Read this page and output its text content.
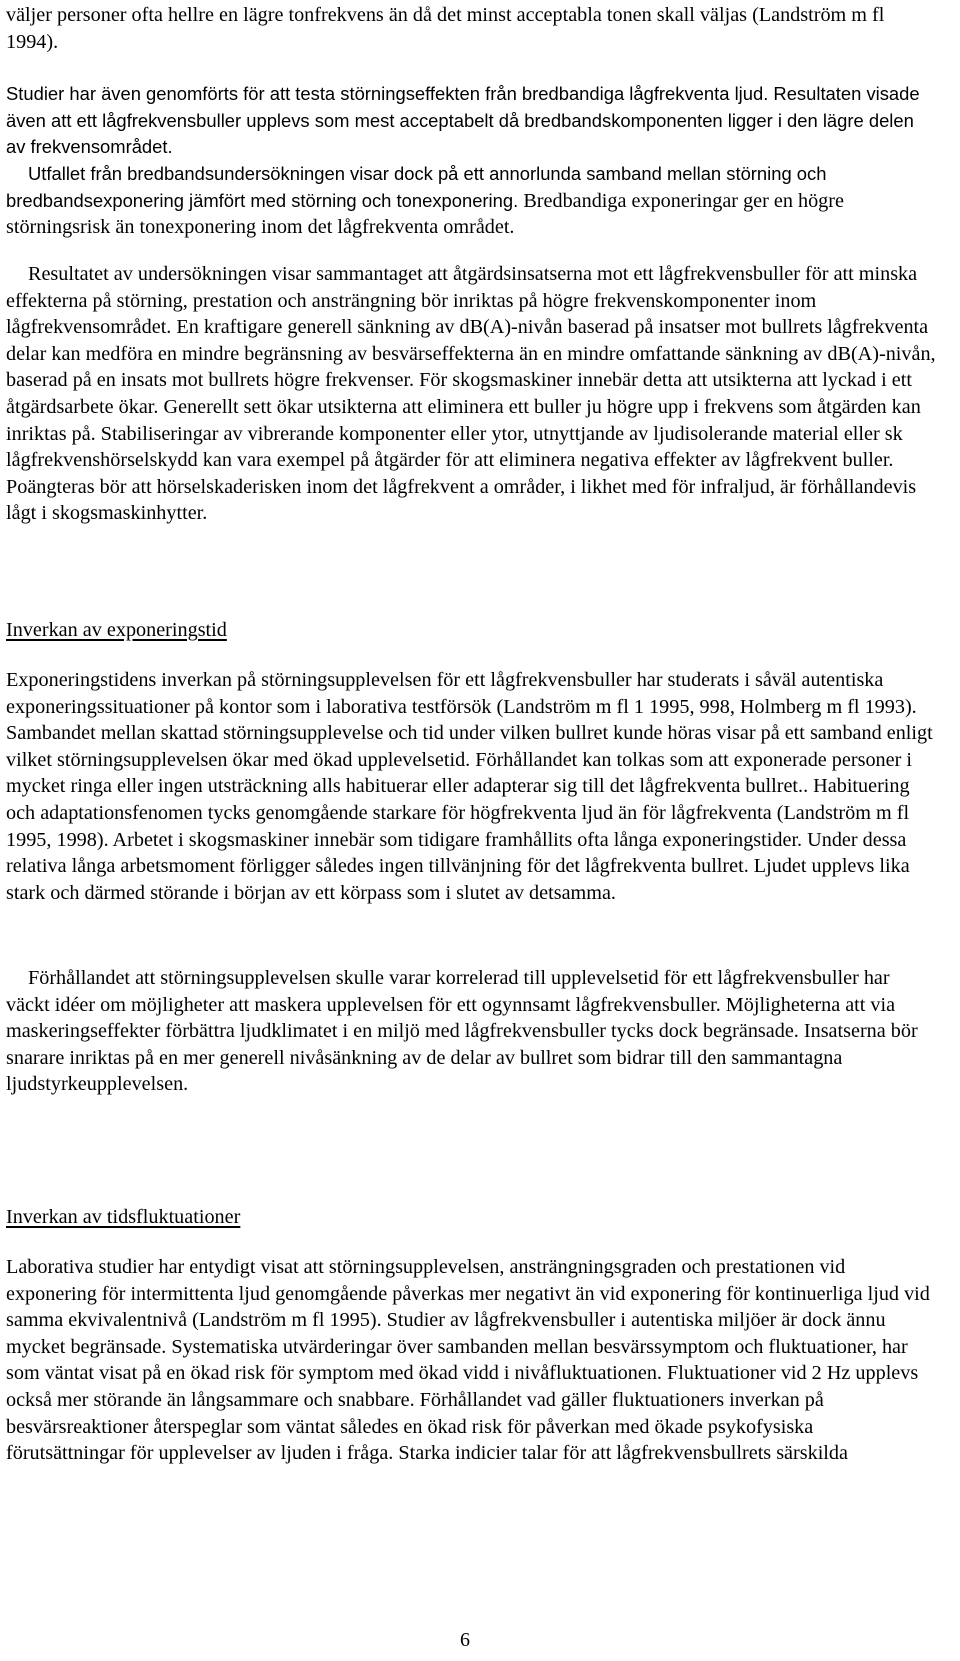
väljer personer ofta hellre en lägre tonfrekvens än då det minst acceptabla tonen skall väljas (Landström m fl 1994).

Studier har även genomförts för att testa störningseffekten från bredbandiga lågfrekventa ljud. Resultaten visade även att ett lågfrekvensbuller upplevs som mest acceptabelt då bredbandskomponenten ligger i den lägre delen av frekvensområdet.

Utfallet från bredbandsundersökningen visar dock på ett annorlunda samband mellan störning och bredbandsexponering jämfört med störning och tonexponering. Bredbandiga exponeringar ger en högre störningsrisk än tonexponering inom det lågfrekventa området.

Resultatet av undersökningen visar sammantaget att åtgärdsinsatserna mot ett lågfrekvensbuller för att minska effekterna på störning, prestation och ansträngning bör inriktas på högre frekvenskomponenter inom lågfrekvensområdet. En kraftigare generell sänkning av dB(A)-nivån baserad på insatser mot bullrets lågfrekventa delar kan medföra en mindre begränsning av besvärseffekterna än en mindre omfattande sänkning av dB(A)-nivån, baserad på en insats mot bullrets högre frekvenser. För skogsmaskiner innebär detta att utsikterna att lyckad i ett åtgärdsarbete ökar. Generellt sett ökar utsikterna att eliminera ett buller ju högre upp i frekvens som åtgärden kan inriktas på. Stabiliseringar av vibrerande komponenter eller ytor, utnyttjande av ljudisolerande material eller sk lågfrekvenshörselskydd kan vara exempel på åtgärder för att eliminera negativa effekter av lågfrekvent buller. Poängteras bör att hörselskaderisken inom det lågfrekvent a områder, i likhet med för infraljud, är förhållandevis lågt i skogsmaskinhytter.

Inverkan av exponeringstid

Exponeringstidens inverkan på störningsupplevelsen för ett lågfrekvensbuller har studerats i såväl autentiska exponeringssituationer på kontor som i laborativa testförsök (Landström m fl 1 1995, 998, Holmberg m fl 1993). Sambandet mellan skattad störningsupplevelse och tid under vilken bullret kunde höras visar på ett samband enligt vilket störningsupplevelsen ökar med ökad upplevelsetid. Förhållandet kan tolkas som att exponerade personer i mycket ringa eller ingen utsträckning alls habituerar eller adapterar sig till det lågfrekventa bullret.. Habituering och adaptationsfenomen tycks genomgående starkare för högfrekventa ljud än för lågfrekventa (Landström m fl 1995, 1998). Arbetet i skogsmaskiner innebär som tidigare framhållits ofta långa exponeringstider. Under dessa relativa långa arbetsmoment förligger således ingen tillvänjning för det lågfrekventa bullret. Ljudet upplevs lika stark och därmed störande i början av ett körpass som i slutet av detsamma.

Förhållandet att störningsupplevelsen skulle varar korrelerad till upplevelsetid för ett lågfrekvensbuller har väckt idéer om möjligheter att maskera upplevelsen för ett ogynnsamt lågfrekvensbuller. Möjligheterna att via maskeringseffekter förbättra ljudklimatet i en miljö med lågfrekvensbuller tycks dock begränsade. Insatserna bör snarare inriktas på en mer generell nivåsänkning av de delar av bullret som bidrar till den sammantagna ljudstyrkeupplevelsen.

Inverkan av tidsfluktuationer

Laborativa studier har entydigt visat att störningsupplevelsen, ansträngningsgraden och prestationen vid exponering för intermittenta ljud genomgående påverkas mer negativt än vid exponering för kontinuerliga ljud vid samma ekvivalentnivå (Landström m fl 1995). Studier av lågfrekvensbuller i autentiska miljöer är dock ännu mycket begränsade. Systematiska utvärderingar över sambanden mellan besvärssymptom och fluktuationer, har som väntat visat på en ökad risk för symptom med ökad vidd i nivåfluktuationen. Fluktuationer vid 2 Hz upplevs också mer störande än långsammare och snabbare. Förhållandet vad gäller fluktuationers inverkan på besvärsreaktioner återspeglar som väntat således en ökad risk för påverkan med ökade psykofysiska förutsättningar för upplevelser av ljuden i fråga. Starka indicier talar för att lågfrekvensbullrets särskilda

6
